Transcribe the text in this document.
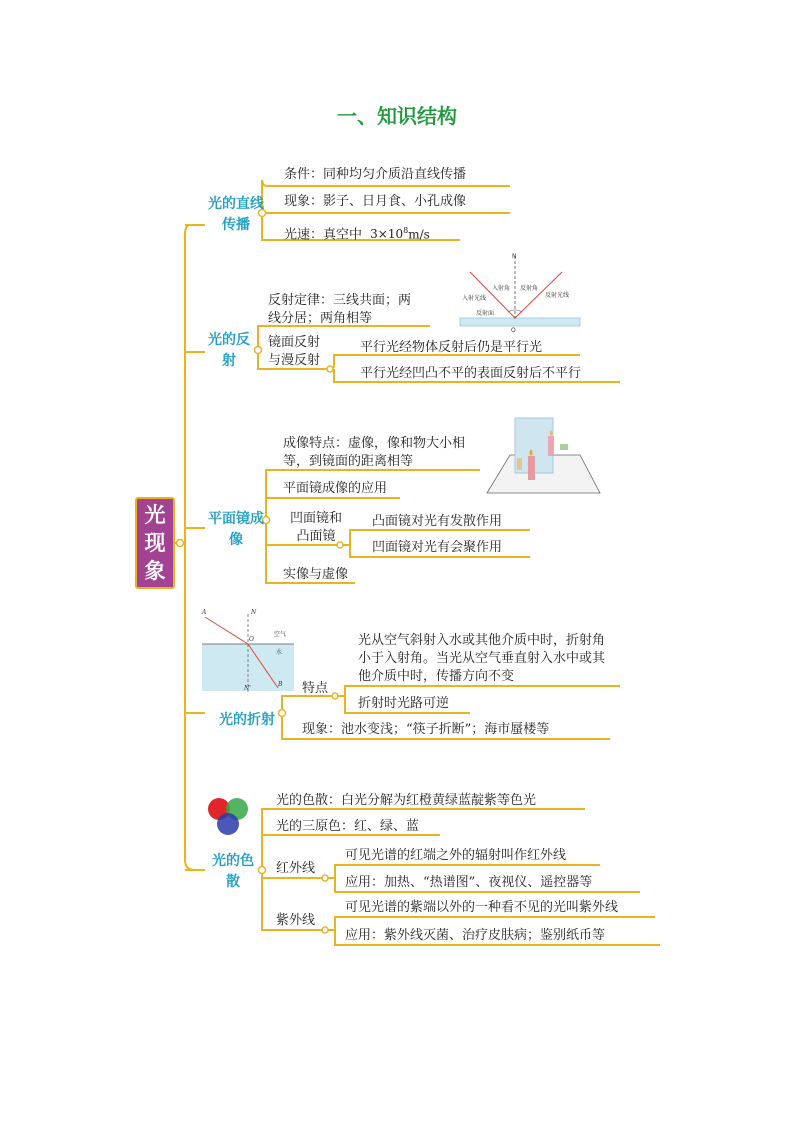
一、知识结构
N
入射角 反射角
入射光线	反射光线
反射面
O
A	N
空气
水
O
B
N'
光现象
光的直线传播
光的反射
平面镜成像
光的折射
光的色散
条件：同种均匀介质沿直线传播
现象：影子、日月食、小孔成像
光速：真空中 $3\times 10^8m/s$
反射定律：三线共面；两线分居；两角相等
镜面反射与漫反射
平行光经物体反射后仍是平行光
平行光经凹凸不平的表面反射后不平行
成像特点：虚像，像和物大小相等，到镜面的距离相等
平面镜成像的应用
凹面镜和凸面镜
凸面镜对光有发散作用
凹面镜对光有会聚作用
实像与虚像
特点
光从空气斜射入水或其他介质中时，折射角小于入射角。当光从空气垂直射入水中或其他介质中时，传播方向不变
折射时光路可逆
现象：池水变浅；“筷子折断”；海市蜃楼等
光的色散：白光分解为红橙黄绿蓝靛紫等色光
光的三原色：红、绿、蓝
红外线
可见光谱的红端之外的辐射叫作红外线
应用：加热、“热谱图”、夜视仪、遥控器等
紫外线
可见光谱的紫端以外的一种看不见的光叫紫外线
应用：紫外线灭菌、治疗皮肤病；鉴别纸币等
